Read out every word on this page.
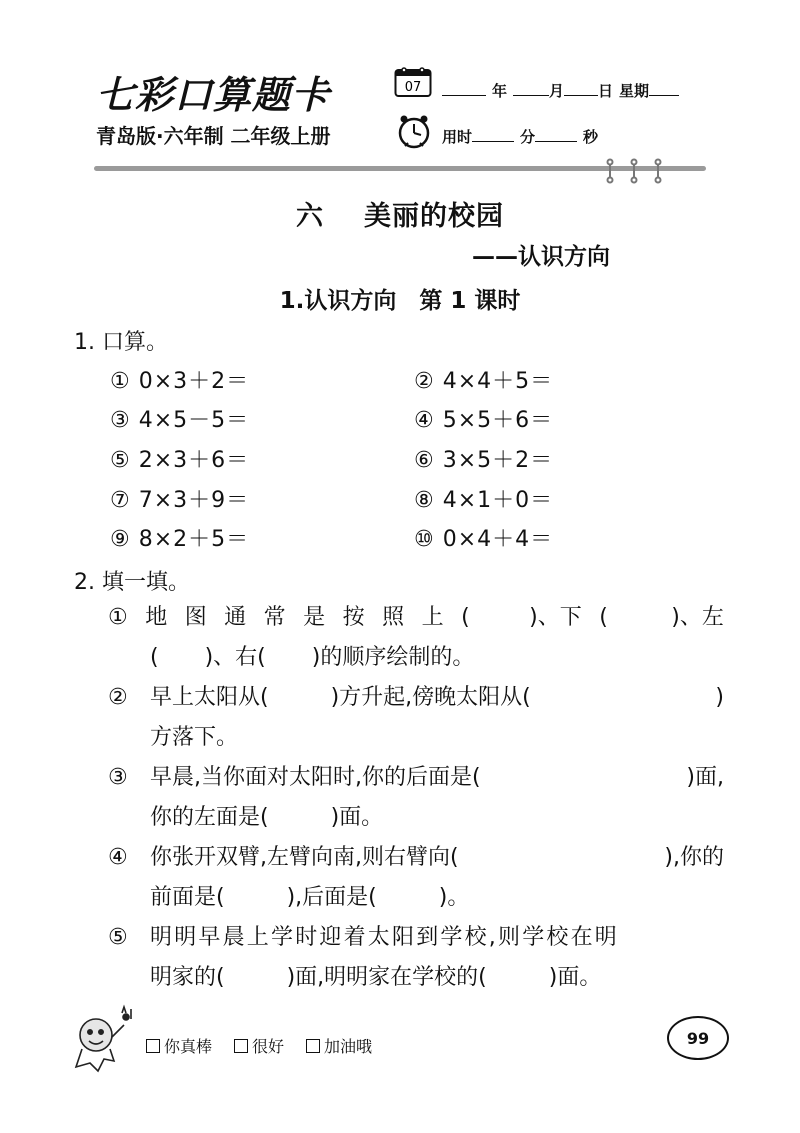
七彩口算题卡
青岛版·六年制 二年级上册
07	年	月 日 星期
用时	分	秒
六 美丽的校园
——认识方向
1.认识方向　第 1 课时
1. 口算。
① 0×3＋2＝	② 4×4＋5＝
③ 4×5－5＝	④ 5×5＋6＝
⑤ 2×3＋6＝	⑥ 3×5＋2＝
⑦ 7×3＋9＝	⑧ 4×1＋0＝
⑨ 8×2＋5＝	⑩ 0×4＋4＝
2. 填一填。
① 地 图 通 常 是 按 照 上 (	)、下 (	)、左
( )、右( )的顺序绘制的。
② 早上太阳从(	)方升起,傍晚太阳从(	)
方落下。
③ 早晨,当你面对太阳时,你的后面是(	)面,
你的左面是(	)面。
④ 你张开双臂,左臂向南,则右臂向(	),你的
前面是(	),后面是(	)。
⑤	明明早晨上学时迎着太阳到学校,则学校在明
明家的(	)面,明明家在学校的(	)面。
你真棒	很好	加油哦	99
